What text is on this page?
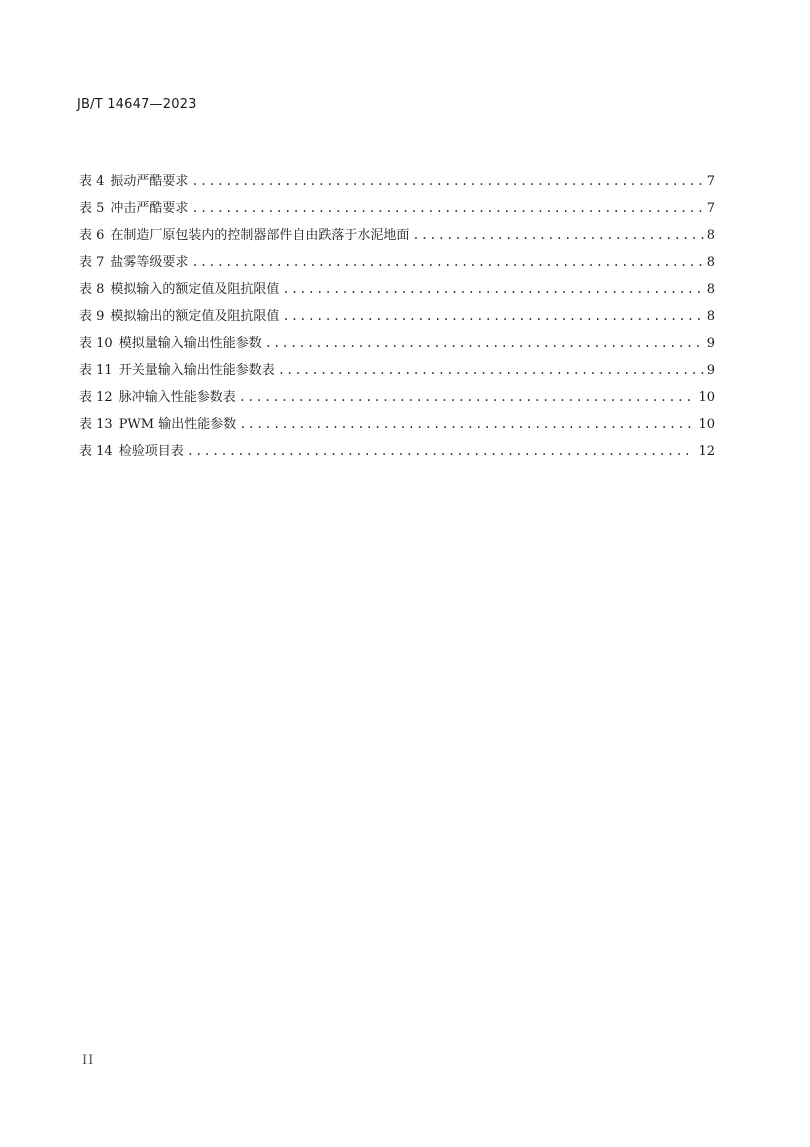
JB/T 14647—2023
表 4 振动严酷要求 .....	7
表 5 冲击严酷要求 .....	7
表 6 在制造厂原包装内的控制器部件自由跌落于水泥地面 .....	8
表 7 盐雾等级要求 .....	8
表 8 模拟输入的额定值及阻抗限值 .....	8
表 9 模拟输出的额定值及阻抗限值 .....	8
表 10 模拟量输入输出性能参数 .....	9
表 11 开关量输入输出性能参数表 .....	9
表 12 脉冲输入性能参数表 .....	10
表 13 PWM 输出性能参数 .....	10
表 14 检验项目表 .....	12
II
